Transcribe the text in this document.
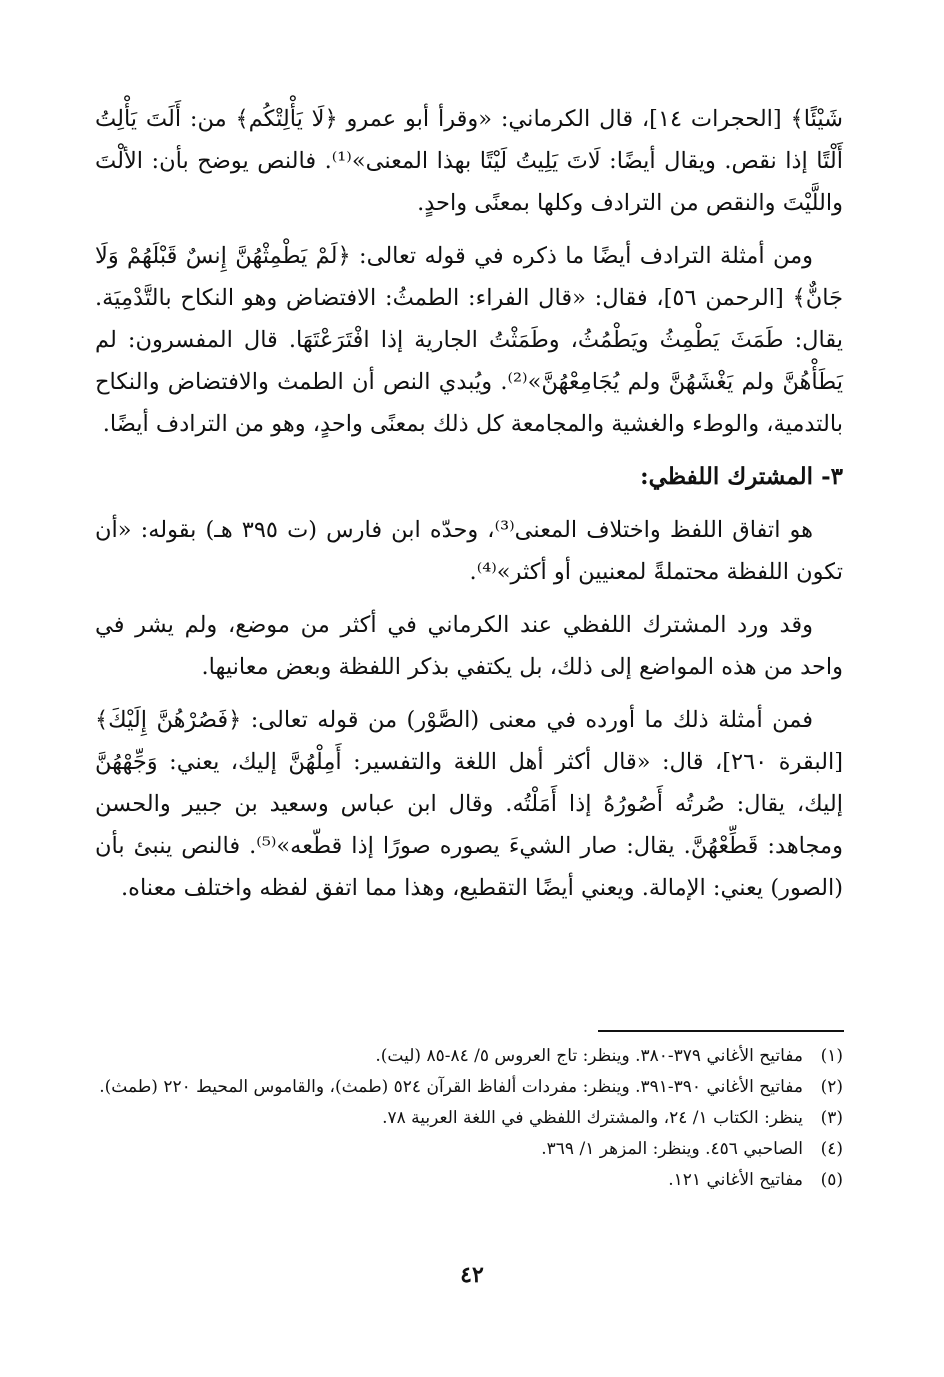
شَيْئًا﴾ [الحجرات ١٤]، قال الكرماني: «وقرأ أبو عمرو ﴿لَا يَأْلِتْكُم﴾ من: أَلَتَ يَأْلِتُ أَلْتًا إذا نقص. ويقال أيضًا: لَاتَ يَلِيتُ لَيْتًا بهذا المعنى»⁽¹⁾. فالنص يوضح بأن: الألْتَ واللَّيْتَ والنقص من الترادف وكلها بمعنًى واحدٍ.

ومن أمثلة الترادف أيضًا ما ذكره في قوله تعالى: ﴿لَمْ يَطْمِثْهُنَّ إِنسٌ قَبْلَهُمْ وَلَا جَانٌّ﴾ [الرحمن ٥٦]، فقال: «قال الفراء: الطمثُ: الافتضاض وهو النكاح بالتَّدْمِيَة. يقال: طَمَثَ يَطْمِثُ ويَطْمُثُ، وطَمَثْتُ الجارية إذا افْتَرَعْتَهَا. قال المفسرون: لم يَطَأْهُنَّ ولم يَغْشَهُنَّ ولم يُجَامِعْهُنَّ»⁽²⁾. ويُبدي النص أن الطمث والافتضاض والنكاح بالتدمية، والوطء والغشية والمجامعة كل ذلك بمعنًى واحدٍ، وهو من الترادف أيضًا.

٣- المشترك اللفظي:

هو اتفاق اللفظ واختلاف المعنى⁽³⁾، وحدّه ابن فارس (ت ٣٩٥ هـ) بقوله: «أن تكون اللفظة محتملةً لمعنيين أو أكثر»⁽⁴⁾.

وقد ورد المشترك اللفظي عند الكرماني في أكثر من موضع، ولم يشر في واحد من هذه المواضع إلى ذلك، بل يكتفي بذكر اللفظة وبعض معانيها.

فمن أمثلة ذلك ما أورده في معنى (الصَّوْر) من قوله تعالى: ﴿فَصُرْهُنَّ إِلَيْكَ﴾ [البقرة ٢٦٠]، قال: «قال أكثر أهل اللغة والتفسير: أَمِلْهُنَّ إليك، يعني: وَجِّهْهُنَّ إليك، يقال: صُرتُه أَصُورُهُ إذا أَمَلْتُه. وقال ابن عباس وسعيد بن جبير والحسن ومجاهد: قَطِّعْهُنَّ. يقال: صار الشيءَ يصوره صورًا إذا قطّعه»⁽⁵⁾. فالنص ينبئ بأن (الصور) يعني: الإمالة. ويعني أيضًا التقطيع، وهذا مما اتفق لفظه واختلف معناه.

(١)
مفاتيح الأغاني ٣٧٩-٣٨٠. وينظر: تاج العروس ٥/ ٨٤-٨٥ (ليت).
(٢)
مفاتيح الأغاني ٣٩٠-٣٩١. وينظر: مفردات ألفاظ القرآن ٥٢٤ (طمث)، والقاموس المحيط ٢٢٠ (طمث).
(٣)
ينظر: الكتاب ١/ ٢٤، والمشترك اللفظي في اللغة العربية ٧٨.
(٤)
الصاحبي ٤٥٦. وينظر: المزهر ١/ ٣٦٩.
(٥)
مفاتيح الأغاني ١٢١.
٤٢
